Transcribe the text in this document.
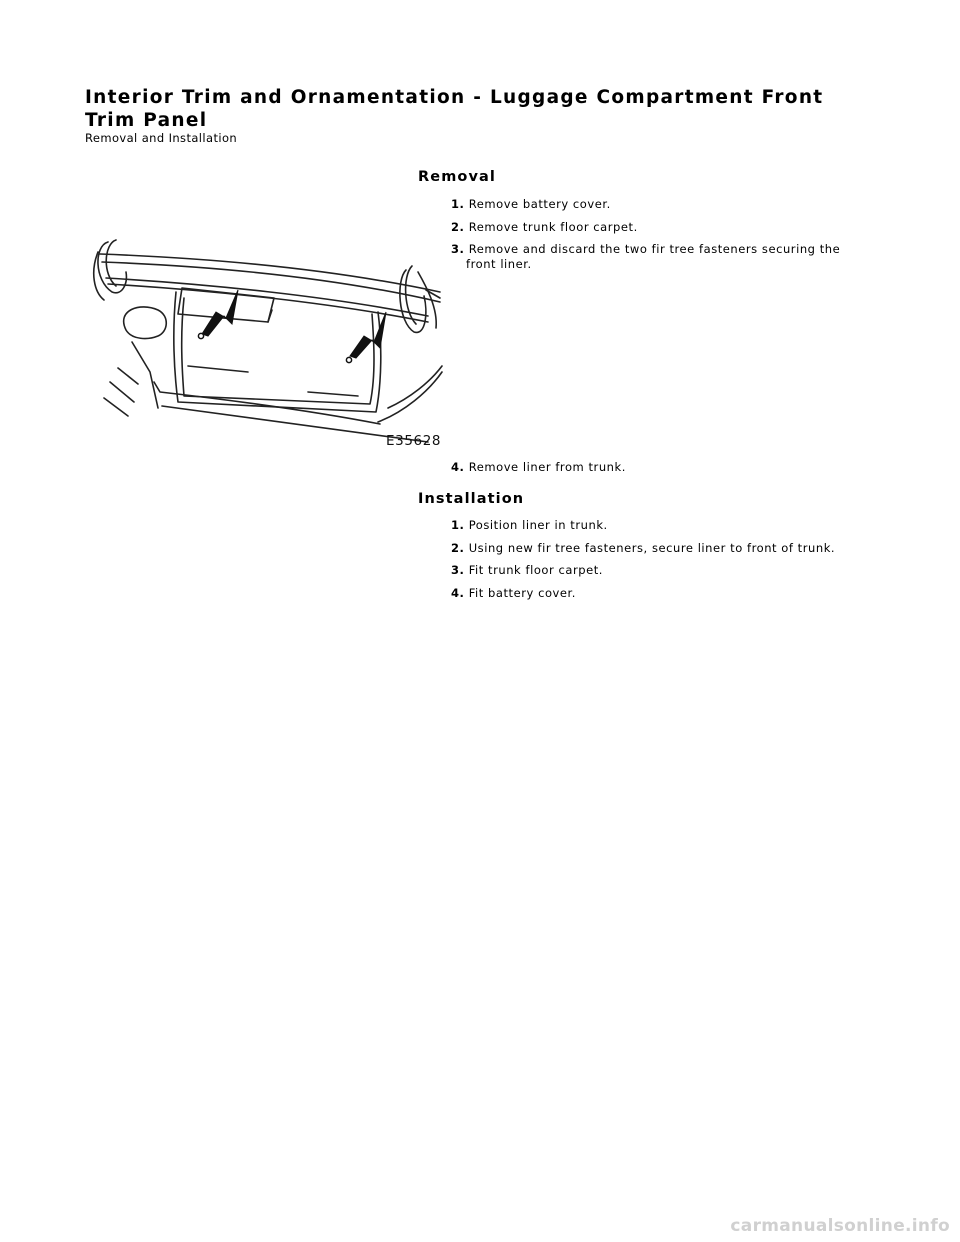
Interior Trim and Ornamentation - Luggage Compartment Front Trim Panel
Removal and Installation
Removal
1. Remove battery cover.
2. Remove trunk floor carpet.
3. Remove and discard the two fir tree fasteners securing the
front liner.
E35628
4. Remove liner from trunk.
Installation
1. Position liner in trunk.
2. Using new fir tree fasteners, secure liner to front of trunk.
3. Fit trunk floor carpet.
4. Fit battery cover.
carmanualsonline.info
